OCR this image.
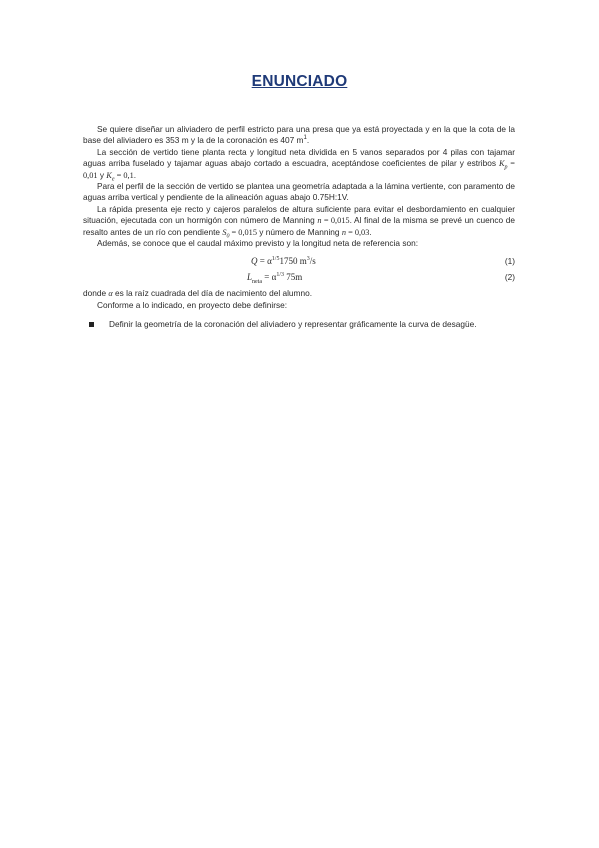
ENUNCIADO

Se quiere diseñar un aliviadero de perfil estricto para una presa que ya está proyectada y en la que la cota de la base del aliviadero es 353 m y la de la coronación es 407 $m^1$.

La sección de vertido tiene planta recta y longitud neta dividida en 5 vanos separados por 4 pilas con tajamar aguas arriba fuselado y tajamar aguas abajo cortado a escuadra, aceptándose coeficientes de pilar y estribos $K_p = 0,01$ y $K_e = 0,1$.

Para el perfil de la sección de vertido se plantea una geometría adaptada a la lámina vertiente, con paramento de aguas arriba vertical y pendiente de la alineación aguas abajo 0.75H:1V.

La rápida presenta eje recto y cajeros paralelos de altura suficiente para evitar el desbordamiento en cualquier situación, ejecutada con un hormigón con número de Manning n = 0,015. Al final de la misma se prevé un cuenco de resalto antes de un río con pendiente $S_0 = 0,015$ y número de Manning n = 0,03.

Además, se conoce que el caudal máximo previsto y la longitud neta de referencia son:

$Q = \alpha^{1/5}1750$ $m^3/s$	(1)
$L_{neta} = \alpha^{1/3}$ 75m	(2)

donde α es la raíz cuadrada del día de nacimiento del alumno.

Conforme a lo indicado, en proyecto debe definirse:

Definir la geometría de la coronación del aliviadero y representar gráficamente la curva de desagüe.
